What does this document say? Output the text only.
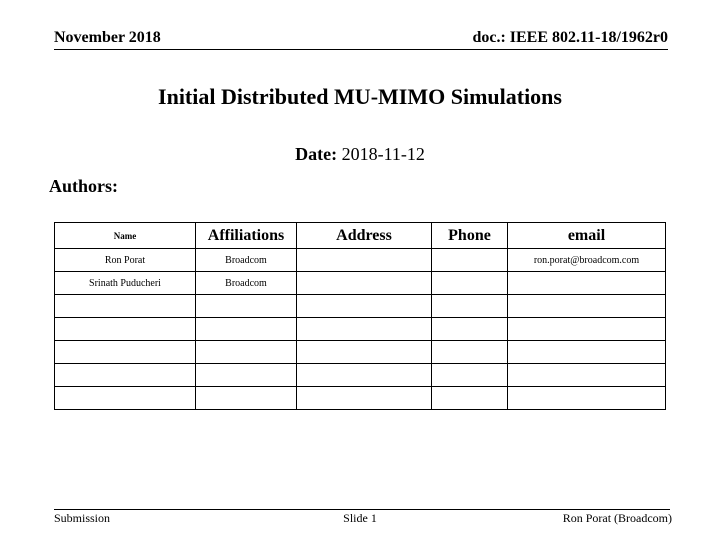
November 2018	doc.: IEEE 802.11-18/1962r0
Initial Distributed MU-MIMO Simulations
Date: 2018-11-12
Authors:
Name	Affiliations	Address	Phone	email
Ron Porat	Broadcom			ron.porat@broadcom.com
Srinath Puducheri	Broadcom			

Submission	Slide 1	Ron Porat (Broadcom)
